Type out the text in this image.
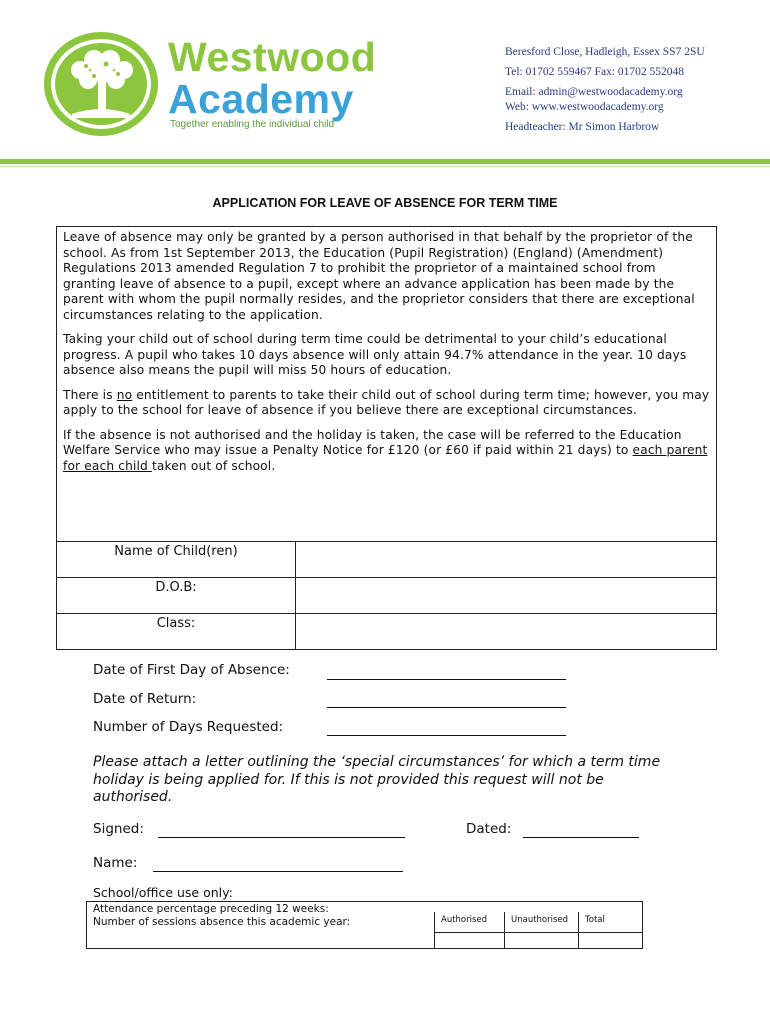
Westwood
Academy
Together enabling the individual child
Beresford Close, Hadleigh, Essex SS7 2SU
Tel: 01702 559467 Fax: 01702 552048
Email: admin@westwoodacademy.org
Web: www.westwoodacademy.org
Headteacher: Mr Simon Harbrow
APPLICATION FOR LEAVE OF ABSENCE FOR TERM TIME

Leave of absence may only be granted by a person authorised in that behalf by the proprietor of the school. As from 1st September 2013, the Education (Pupil Registration) (England) (Amendment) Regulations 2013 amended Regulation 7 to prohibit the proprietor of a maintained school from granting leave of absence to a pupil, except where an advance application has been made by the parent with whom the pupil normally resides, and the proprietor considers that there are exceptional circumstances relating to the application.

Taking your child out of school during term time could be detrimental to your child’s educational progress. A pupil who takes 10 days absence will only attain 94.7% attendance in the year. 10 days absence also means the pupil will miss 50 hours of education.

There is no entitlement to parents to take their child out of school during term time; however, you may apply to the school for leave of absence if you believe there are exceptional circumstances.

If the absence is not authorised and the holiday is taken, the case will be referred to the Education Welfare Service who may issue a Penalty Notice for £120 (or £60 if paid within 21 days) to each parent for each child taken out of school.

Name of Child(ren)	
D.O.B:	
Class:	
Date of First Day of Absence:
Date of Return:
Number of Days Requested:
Please attach a letter outlining the ‘special circumstances’ for which a term time holiday is being applied for. If this is not provided this request will not be authorised.
Signed:	Dated:
Name:
School/office use only:
Attendance percentage preceding 12 weeks:
Number of sessions absence this academic year:	Authorised	Unauthorised	Total
